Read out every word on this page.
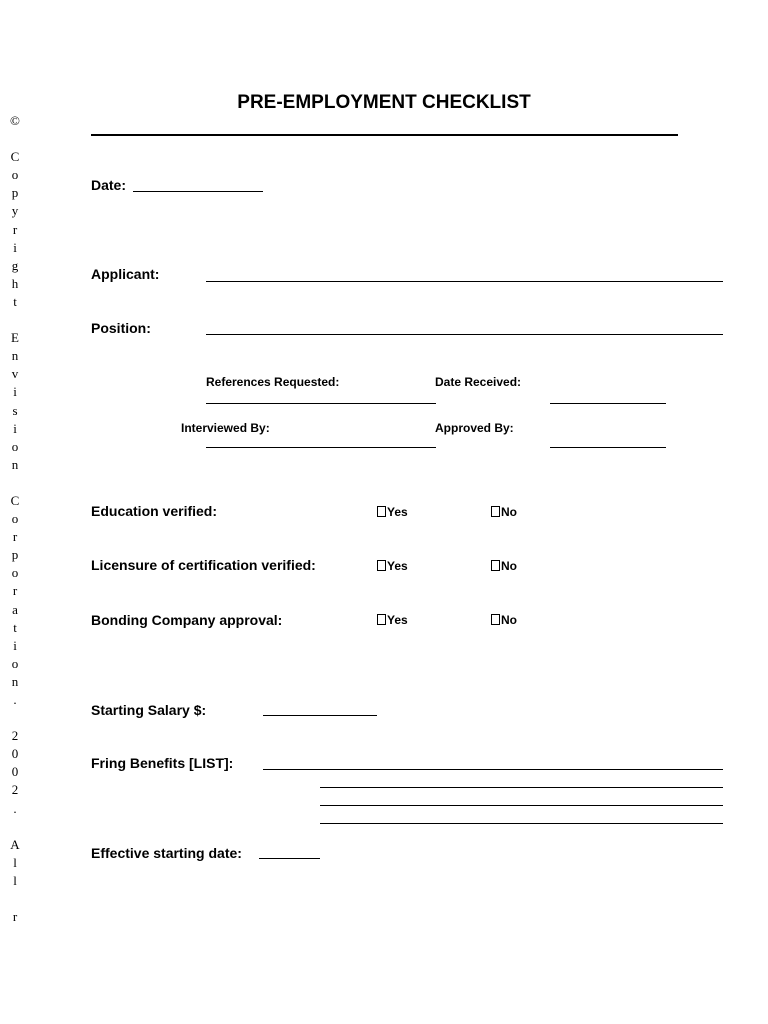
PRE-EMPLOYMENT CHECKLIST
©

C
o
p
y
r
i
g
h
t

E
n
v
i
s
i
o
n

C
o
r
p
o
r
a
t
i
o
n
.

2
0
0
2
.

A
l
l

r
Date:
Applicant:
Position:
References Requested:	Date Received:
Interviewed By:	Approved By:
Education verified:	Yes	No
Licensure of certification verified:	Yes	No
Bonding Company approval:	Yes	No
Starting Salary $:
Fring Benefits [LIST]:
Effective starting date:
